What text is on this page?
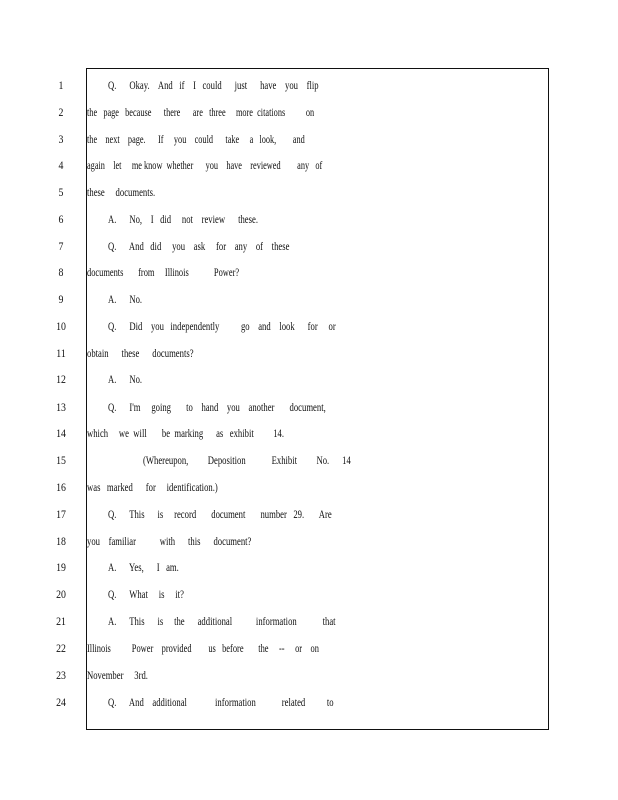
1
2
3
4
5
6
7
8
9
10
11
12
13
14
15
16
17
18
19
20
21
22
23
24
Q.      Okay.    And   if    I   could      just      have    you    flip
the   page   because      there      are   three     more  citations          on
the    next    page.      If     you    could      take     a   look,        and
again    let     me know  whether      you    have    reviewed        any   of
these     documents.
A.      No,    I   did     not    review      these.
Q.      And   did     you    ask     for    any    of    these
documents       from     Illinois            Power?
A.      No.
Q.      Did    you   independently          go    and    look      for     or
obtain      these      documents?
A.      No.
Q.      I'm     going       to    hand    you    another       document,
which     we  will       be  marking      as   exhibit         14.
(Whereupon,         Deposition            Exhibit         No.      14
was   marked      for     identification.)
Q.      This      is     record       document       number   29.       Are
you    familiar           with      this      document?
A.      Yes,      I   am.
Q.      What     is     it?
A.      This      is     the      additional           information            that
Illinois          Power    provided        us   before       the     --     or    on
November     3rd.
Q.      And    additional             information            related          to
